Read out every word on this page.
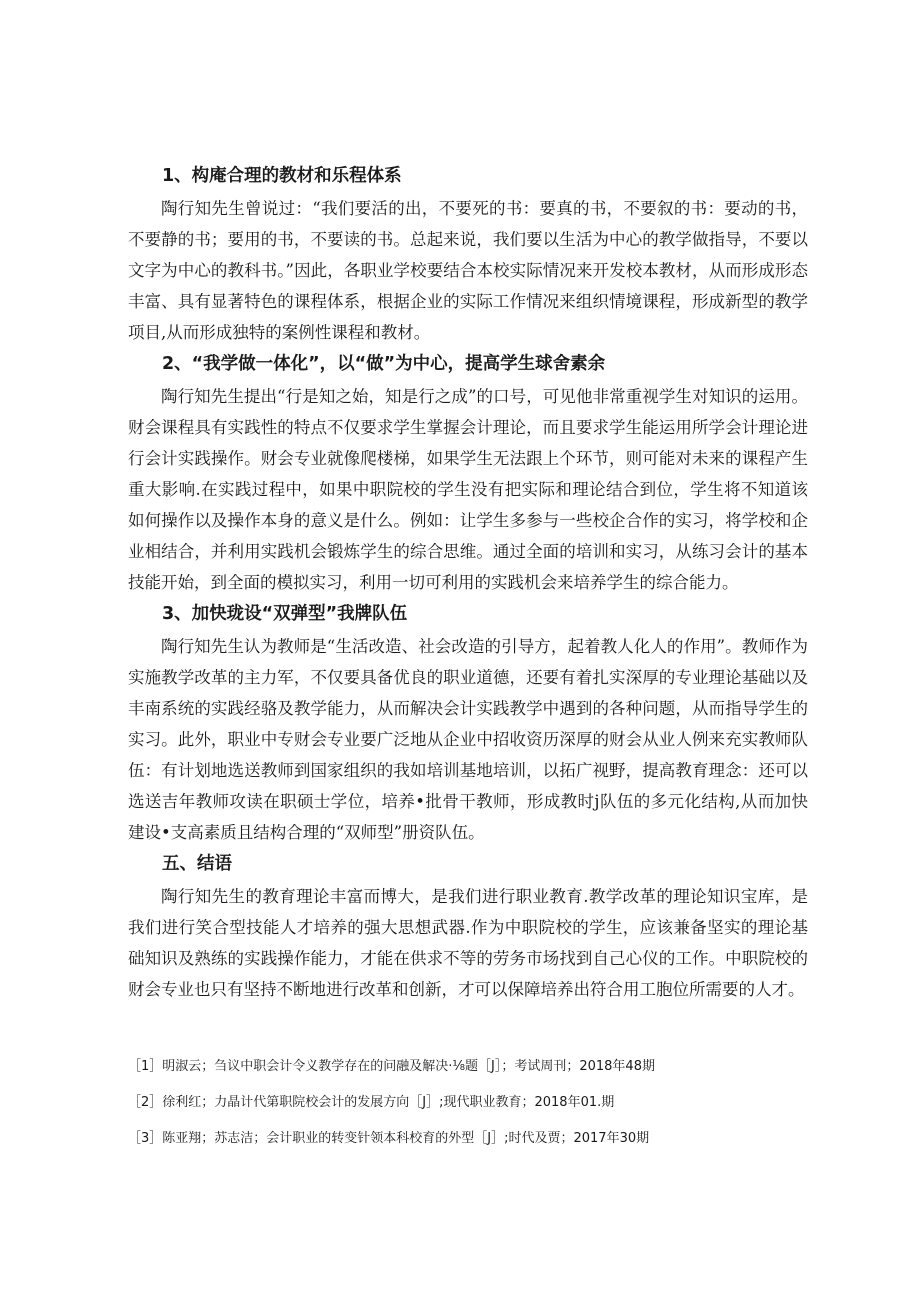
1、构庵合理的教材和乐程体系

陶行知先生曾说过：“我们要活的出，不要死的书：要真的书，不要叙的书：要动的书，不要静的书；要用的书，不要读的书。总起来说，我们要以生活为中心的教学做指导，不要以文字为中心的教科书。”因此，各职业学校要结合本校实际情况来开发校本教材，从而形成形态丰富、具有显著特色的课程体系，根据企业的实际工作情况来组织情境课程，形成新型的教学项目,从而形成独特的案例性课程和教材。

2、“我学做一体化”，以“做”为中心，提高学生球舍素余

陶行知先生提出“行是知之始，知是行之成”的口号，可见他非常重视学生对知识的运用。财会课程具有实践性的特点不仅要求学生掌握会计理论，而且要求学生能运用所学会计理论进行会计实践操作。财会专业就像爬楼梯，如果学生无法跟上个环节，则可能对未来的课程产生重大影响.在实践过程中，如果中职院校的学生没有把实际和理论结合到位，学生将不知道该如何操作以及操作本身的意义是什么。例如：让学生多参与一些校企合作的实习，将学校和企业相结合，并利用实践机会锻炼学生的综合思维。通过全面的培训和实习，从练习会计的基本技能开始，到全面的模拟实习，利用一切可利用的实践机会来培养学生的综合能力。

3、加快珑设“双弹型”我牌队伍

陶行知先生认为教师是“生活改造、社会改造的引导方，起着教人化人的作用”。教师作为实施教学改革的主力军，不仅要具备优良的职业道德，还要有着扎实深厚的专业理论基础以及丰南系统的实践经骆及教学能力，从而解决会计实践教学中遇到的各种问题，从而指导学生的实习。此外，职业中专财会专业要广泛地从企业中招收资历深厚的财会从业人例来充实教师队伍：有计划地选送教师到国家组织的我如培训基地培训，以拓广视野，提高教育理念：还可以选送吉年教师攻读在职硕士学位，培养•批骨干教师，形成教时j队伍的多元化结构,从而加快建设•支高素质且结构合理的“双师型”册资队伍。

五、结语

陶行知先生的教育理论丰富而博大，是我们进行职业教育.教学改革的理论知识宝库，是我们进行笑合型技能人才培养的强大思想武器.作为中职院校的学生，应该兼备坚实的理论基础知识及熟练的实践操作能力，才能在供求不等的劳务市场找到自己心仪的工作。中职院校的财会专业也只有坚持不断地进行改革和创新，才可以保障培养出符合用工胞位所需要的人才。

［1］明淑云；刍议中职会计令义教学存在的问融及解决·⅛题［J］；考试周刊；2018年48期

［2］徐利红；力晶计代第职院校会计的发展方向［J］;现代职业教育；2018年01.期

［3］陈亚翔；苏志洁；会计职业的转变针领本科校育的外型［J］;时代及贾；2017年30期
